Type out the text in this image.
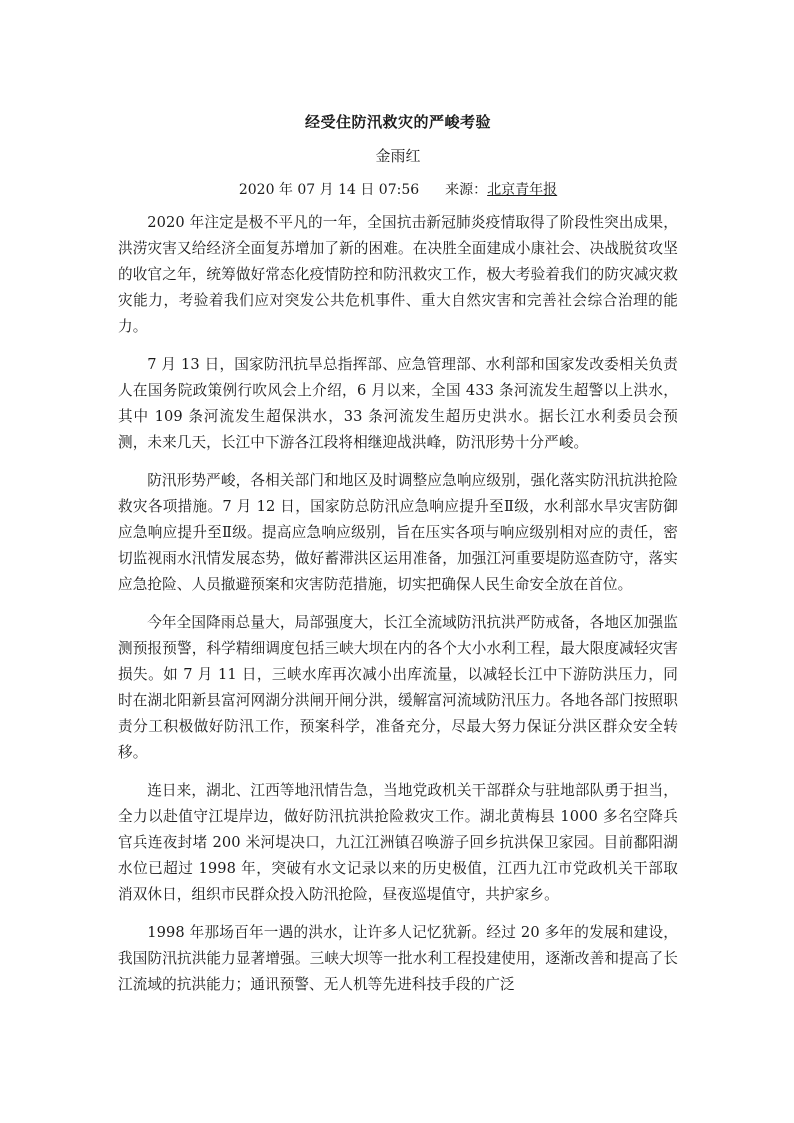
经受住防汛救灾的严峻考验
金雨红
2020 年 07 月 14 日 07:56 来源：北京青年报

2020 年注定是极不平凡的一年，全国抗击新冠肺炎疫情取得了阶段性突出成果，洪涝灾害又给经济全面复苏增加了新的困难。在决胜全面建成小康社会、决战脱贫攻坚的收官之年，统筹做好常态化疫情防控和防汛救灾工作，极大考验着我们的防灾减灾救灾能力，考验着我们应对突发公共危机事件、重大自然灾害和完善社会综合治理的能力。

7 月 13 日，国家防汛抗旱总指挥部、应急管理部、水利部和国家发改委相关负责人在国务院政策例行吹风会上介绍，6 月以来，全国 433 条河流发生超警以上洪水，其中 109 条河流发生超保洪水，33 条河流发生超历史洪水。据长江水利委员会预测，未来几天，长江中下游各江段将相继迎战洪峰，防汛形势十分严峻。

防汛形势严峻，各相关部门和地区及时调整应急响应级别，强化落实防汛抗洪抢险救灾各项措施。7 月 12 日，国家防总防汛应急响应提升至Ⅱ级，水利部水旱灾害防御应急响应提升至Ⅱ级。提高应急响应级别，旨在压实各项与响应级别相对应的责任，密切监视雨水汛情发展态势，做好蓄滞洪区运用准备，加强江河重要堤防巡查防守，落实应急抢险、人员撤避预案和灾害防范措施，切实把确保人民生命安全放在首位。

今年全国降雨总量大，局部强度大，长江全流域防汛抗洪严防戒备，各地区加强监测预报预警，科学精细调度包括三峡大坝在内的各个大小水利工程，最大限度减轻灾害损失。如 7 月 11 日，三峡水库再次减小出库流量，以减轻长江中下游防洪压力，同时在湖北阳新县富河网湖分洪闸开闸分洪，缓解富河流域防汛压力。各地各部门按照职责分工积极做好防汛工作，预案科学，准备充分，尽最大努力保证分洪区群众安全转移。

连日来，湖北、江西等地汛情告急，当地党政机关干部群众与驻地部队勇于担当，全力以赴值守江堤岸边，做好防汛抗洪抢险救灾工作。湖北黄梅县 1000 多名空降兵官兵连夜封堵 200 米河堤决口，九江江洲镇召唤游子回乡抗洪保卫家园。目前鄱阳湖水位已超过 1998 年，突破有水文记录以来的历史极值，江西九江市党政机关干部取消双休日，组织市民群众投入防汛抢险，昼夜巡堤值守，共护家乡。

1998 年那场百年一遇的洪水，让许多人记忆犹新。经过 20 多年的发展和建设，我国防汛抗洪能力显著增强。三峡大坝等一批水利工程投建使用，逐渐改善和提高了长江流域的抗洪能力；通讯预警、无人机等先进科技手段的广泛
